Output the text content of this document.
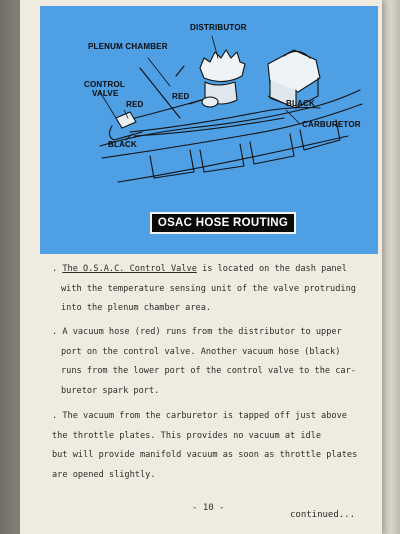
DISTRIBUTOR
PLENUM CHAMBER
CONTROL
VALVE
RED
RED
BLACK
BLACK
CARBURETOR
OSAC HOSE ROUTING
. The O.S.A.C. Control Valve is located on the dash panel
with the temperature sensing unit of the valve protruding
into the plenum chamber area.
. A vacuum hose (red) runs from the distributor to upper
port on the control valve. Another vacuum hose (black)
runs from the lower port of the control valve to the car-
buretor spark port.
. The vacuum from the carburetor is tapped off just above
the throttle plates. This provides no vacuum at idle
but will provide manifold vacuum as soon as throttle plates
are opened slightly.
- 10 -
continued...
